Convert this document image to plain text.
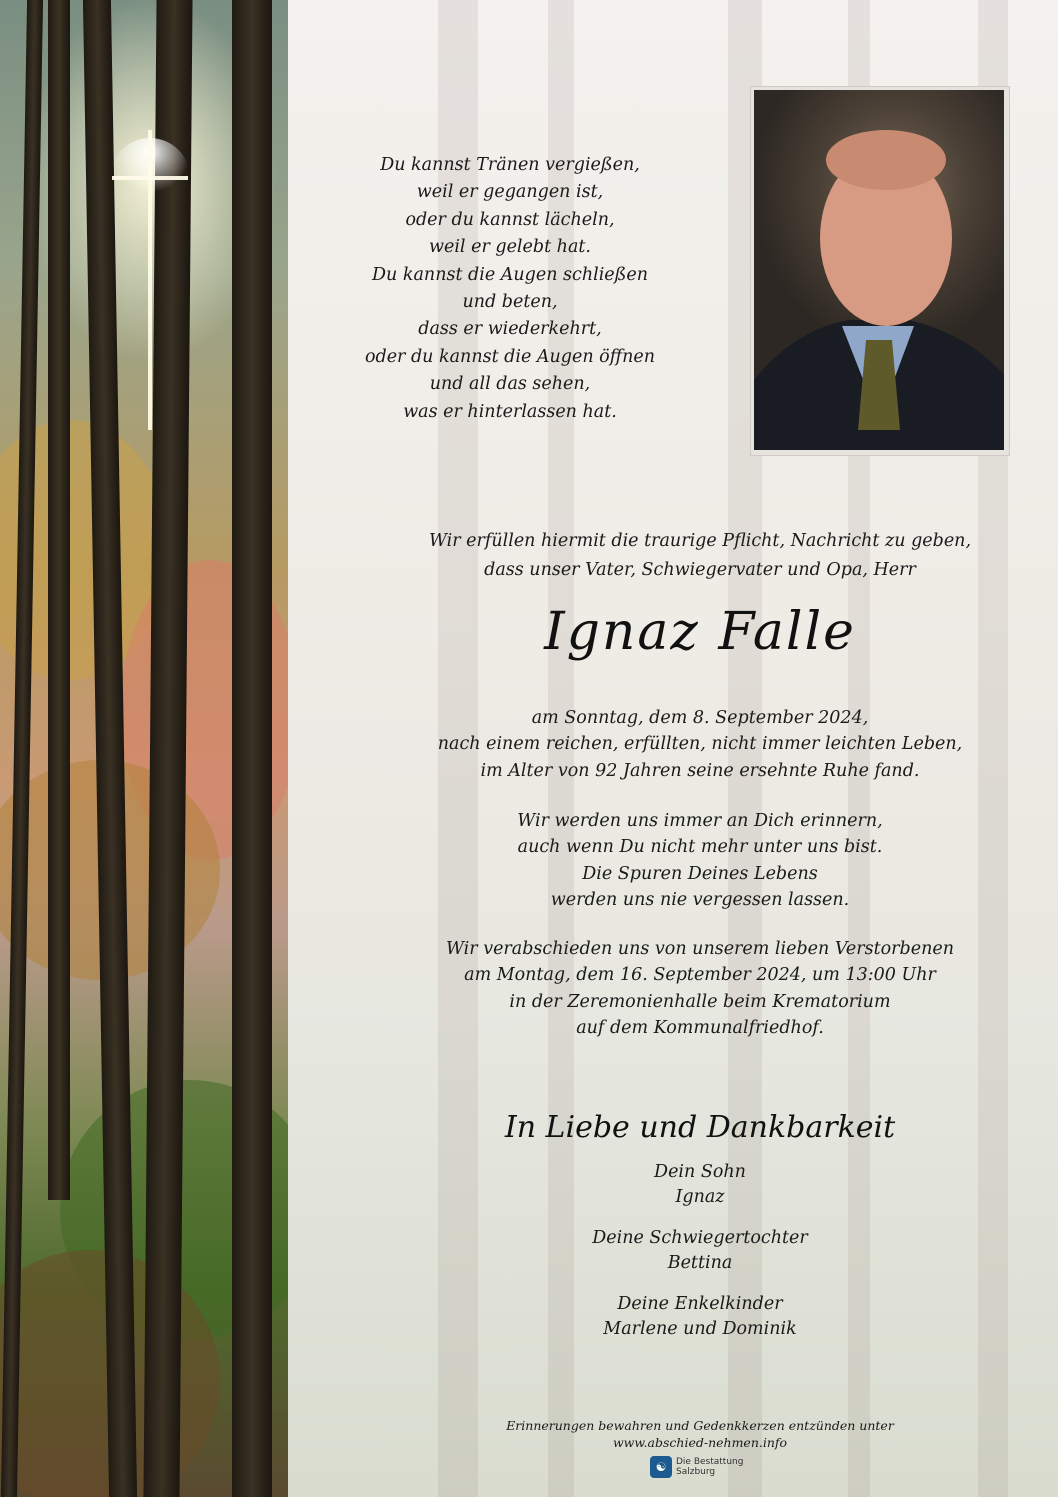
Du kannst Tränen vergießen,
weil er gegangen ist,
oder du kannst lächeln,
weil er gelebt hat.
Du kannst die Augen schließen
und beten,
dass er wiederkehrt,
oder du kannst die Augen öffnen
und all das sehen,
was er hinterlassen hat.
Wir erfüllen hiermit die traurige Pflicht, Nachricht zu geben,
dass unser Vater, Schwiegervater und Opa, Herr
Ignaz Falle
am Sonntag, dem 8. September 2024,
nach einem reichen, erfüllten, nicht immer leichten Leben,
im Alter von 92 Jahren seine ersehnte Ruhe fand.
Wir werden uns immer an Dich erinnern,
auch wenn Du nicht mehr unter uns bist.
Die Spuren Deines Lebens
werden uns nie vergessen lassen.
Wir verabschieden uns von unserem lieben Verstorbenen
am Montag, dem 16. September 2024, um 13:00 Uhr
in der Zeremonienhalle beim Krematorium
auf dem Kommunalfriedhof.
In Liebe und Dankbarkeit
Dein Sohn
Ignaz
Deine Schwiegertochter
Bettina
Deine Enkelkinder
Marlene und Dominik
Erinnerungen bewahren und Gedenkkerzen entzünden unter
www.abschied-nehmen.info
☯	Die Bestattung
Salzburg
